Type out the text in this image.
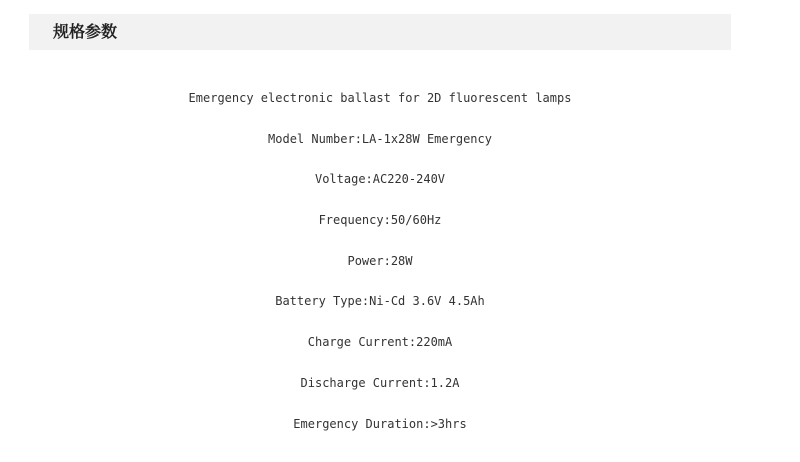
规格参数
Emergency electronic ballast for 2D fluorescent lamps
Model Number:LA-1x28W Emergency
Voltage:AC220-240V
Frequency:50/60Hz
Power:28W
Battery Type:Ni-Cd 3.6V 4.5Ah
Charge Current:220mA
Discharge Current:1.2A
Emergency Duration:>3hrs
